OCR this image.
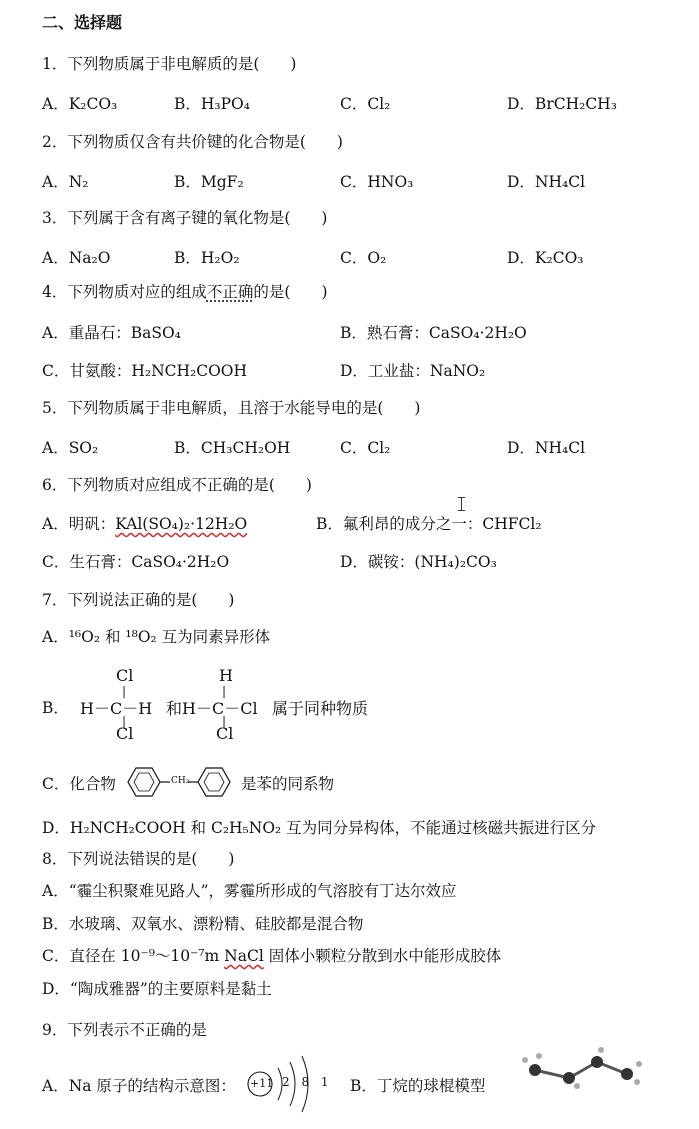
二、选择题
1．下列物质属于非电解质的是(　　)
A．K₂CO₃	B．H₃PO₄	C．Cl₂	D．BrCH₂CH₃
2．下列物质仅含有共价键的化合物是(　　)
A．N₂	B．MgF₂	C．HNO₃	D．NH₄Cl
3．下列属于含有离子键的氧化物是(　　)
A．Na₂O	B．H₂O₂	C．O₂	D．K₂CO₃
4．下列物质对应的组成不正确的是(　　)
A．重晶石：BaSO₄	B．熟石膏：CaSO₄·2H₂O
C．甘氨酸：H₂NCH₂COOH	D．工业盐：NaNO₂
5．下列物质属于非电解质，且溶于水能导电的是(　　)
A．SO₂	B．CH₃CH₂OH	C．Cl₂	D．NH₄Cl
6．下列物质对应组成不正确的是(　　)
A．明矾：KAl(SO₄)₂·12H₂O	B．氟利昂的成分之一：CHFCl₂
C．生石膏：CaSO₄·2H₂O	D．碳铵：(NH₄)₂CO₃
7．下列说法正确的是(　　)
A．¹⁶O₂ 和 ¹⁸O₂ 互为同素异形体
B．
Cl
|
H－C－H
|
Cl
和
H
|
H－C－Cl
|
Cl
属于同种物质
C．化合物	CH₂	是苯的同系物
D．H₂NCH₂COOH 和 C₂H₅NO₂ 互为同分异构体，不能通过核磁共振进行区分
8．下列说法错误的是(　　)
A．“霾尘积聚难见路人”，雾霾所形成的气溶胶有丁达尔效应
B．水玻璃、双氧水、漂粉精、硅胶都是混合物
C．直径在 10⁻⁹～10⁻⁷m NaCl 固体小颗粒分散到水中能形成胶体
D．“陶成雅器”的主要原料是黏土
9．下列表示不正确的是
A．Na 原子的结构示意图： +11 2 8 1 B．丁烷的球棍模型
